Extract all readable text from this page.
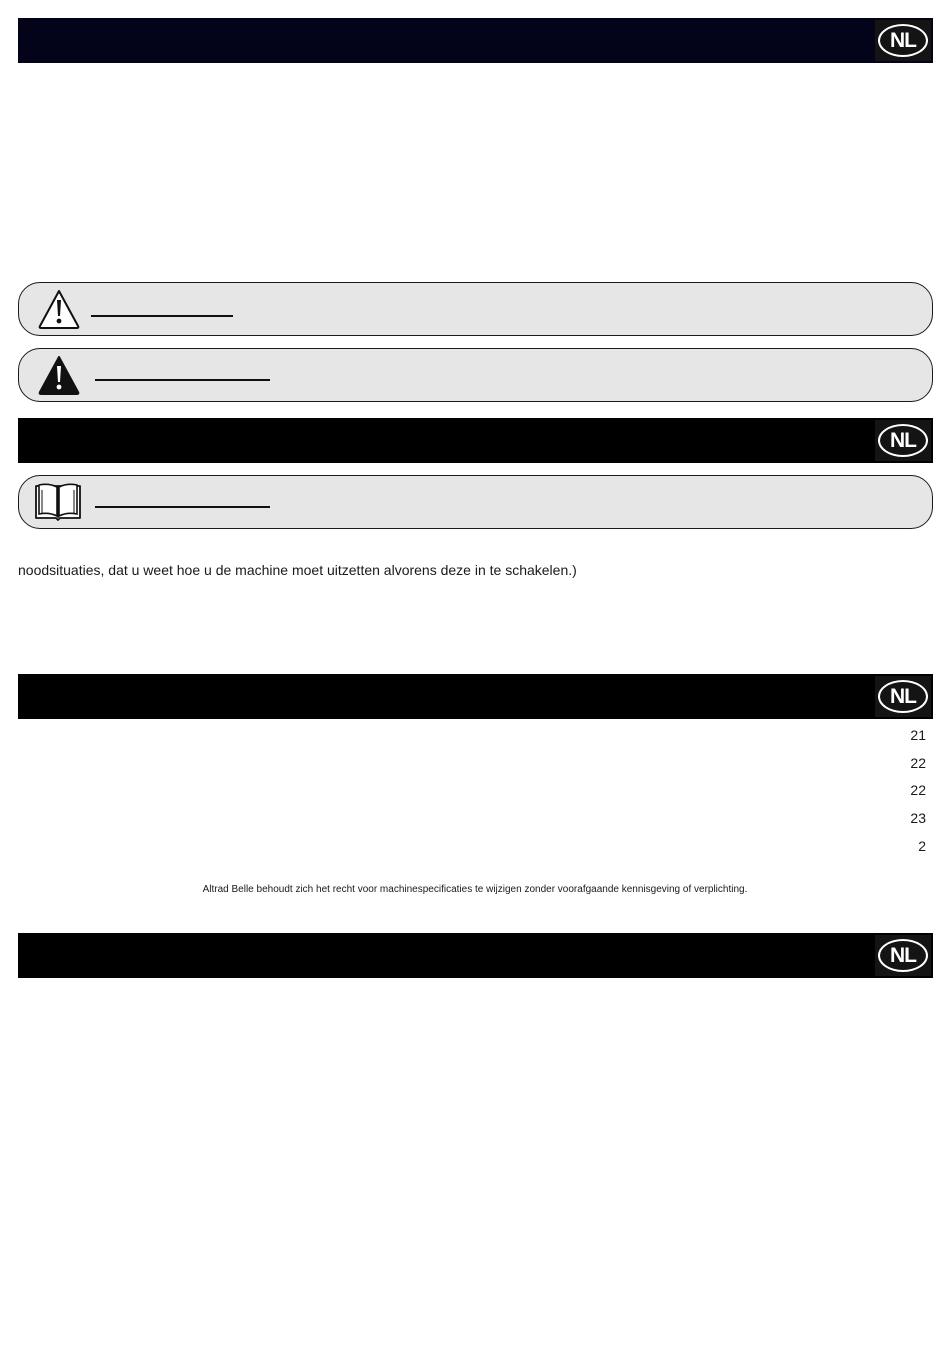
NL
NL
noodsituaties, dat u weet hoe u de machine moet uitzetten alvorens deze in te schakelen.)
NL
21
22
22
23
2
Altrad Belle behoudt zich het recht voor machinespecificaties te wijzigen zonder voorafgaande kennisgeving of verplichting.
NL
